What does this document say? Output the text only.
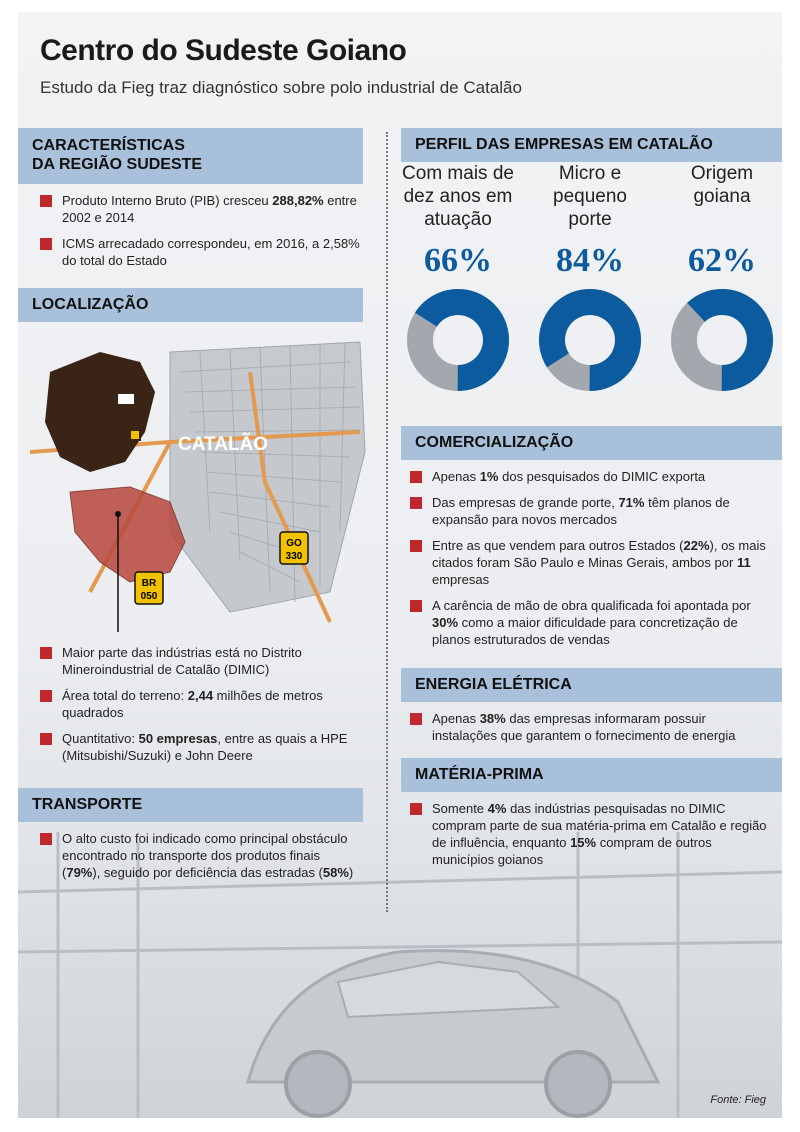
Centro do Sudeste Goiano
Estudo da Fieg traz diagnóstico sobre polo industrial de Catalão
CARACTERÍSTICAS
DA REGIÃO SUDESTE
Produto Interno Bruto (PIB) cresceu 288,82% entre 2002 e 2014
ICMS arrecadado correspondeu, em 2016, a 2,58% do total do Estado
LOCALIZAÇÃO
CATALÃO
BR
050
GO
330
Maior parte das indústrias está no Distrito Mineroindustrial de Catalão (DIMIC)
Área total do terreno: 2,44 milhões de metros quadrados
Quantitativo: 50 empresas, entre as quais a HPE (Mitsubishi/Suzuki) e John Deere
TRANSPORTE
O alto custo foi indicado como principal obstáculo encontrado no transporte dos produtos finais (79%), seguido por deficiência das estradas (58%)
PERFIL DAS EMPRESAS EM CATALÃO
Com mais de dez anos em atuação
66%
Micro e pequeno porte
84%
Origem goiana
62%
COMERCIALIZAÇÃO
Apenas 1% dos pesquisados do DIMIC exporta
Das empresas de grande porte, 71% têm planos de expansão para novos mercados
Entre as que vendem para outros Estados (22%), os mais citados foram São Paulo e Minas Gerais, ambos por 11 empresas
A carência de mão de obra qualificada foi apontada por 30% como a maior dificuldade para concretização de planos estruturados de vendas
ENERGIA ELÉTRICA
Apenas 38% das empresas informaram possuir instalações que garantem o fornecimento de energia
MATÉRIA-PRIMA
Somente 4% das indústrias pesquisadas no DIMIC compram parte de sua matéria-prima em Catalão e região de influência, enquanto 15% compram de outros municípios goianos
Fonte: Fieg
